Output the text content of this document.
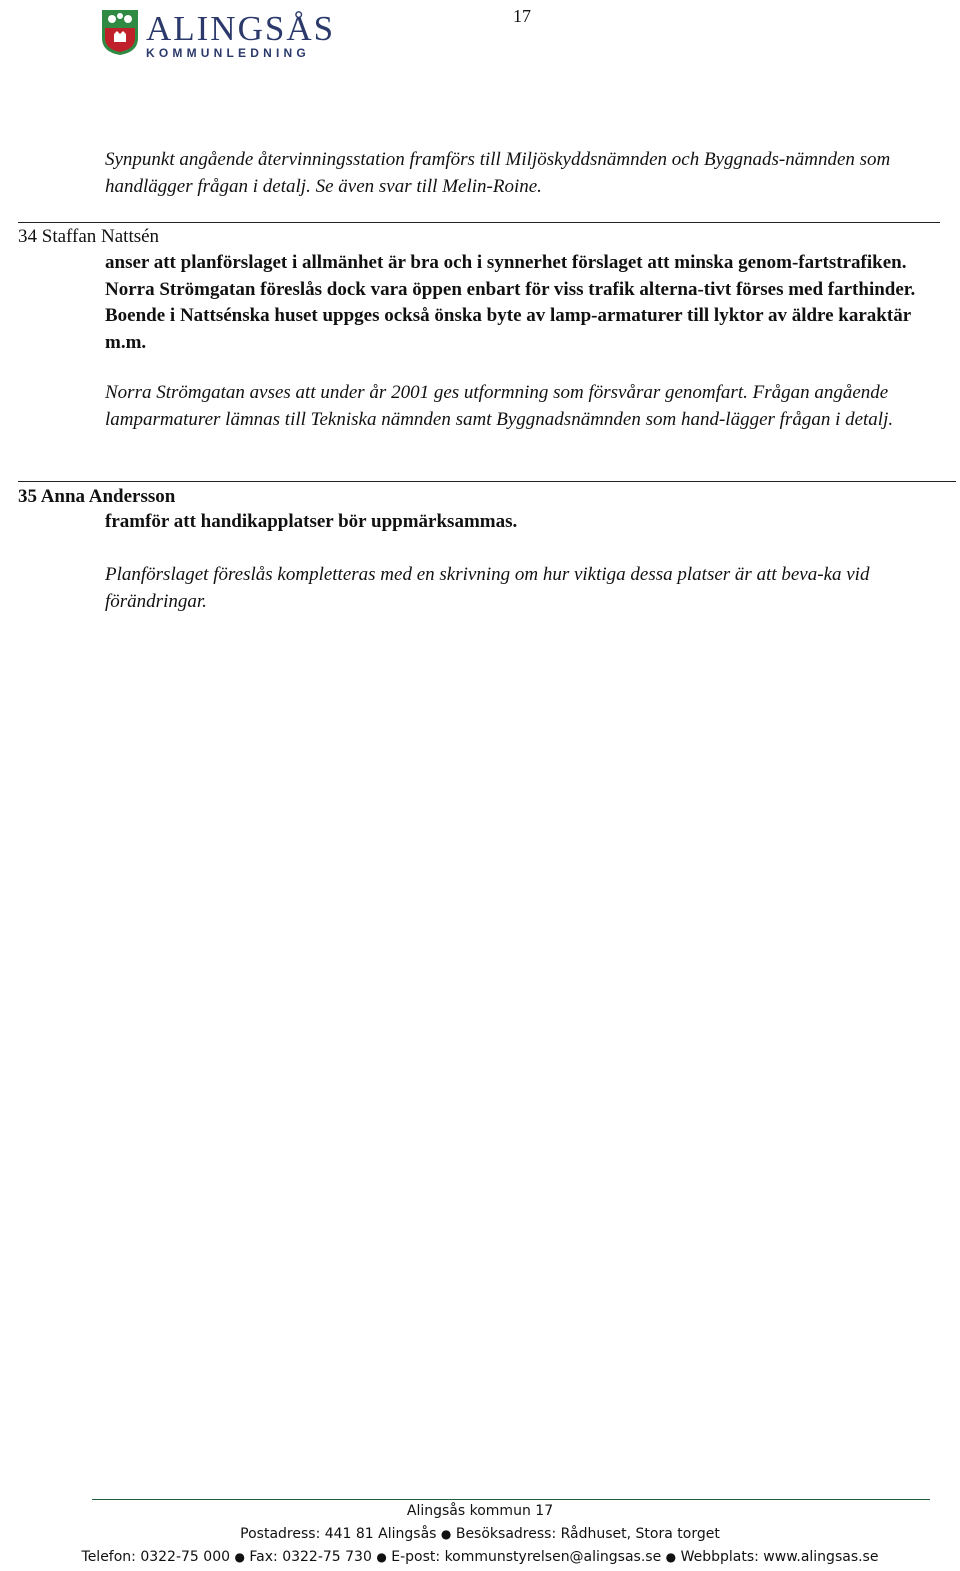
ALINGSÅS
KOMMUNLEDNING
17
Synpunkt angående återvinningsstation framförs till Miljöskyddsnämnden och Byggnads-nämnden som handlägger frågan i detalj. Se även svar till Melin-Roine.
34 Staffan Nattsén
anser att planförslaget i allmänhet är bra och i synnerhet förslaget att minska genom-fartstrafiken. Norra Strömgatan föreslås dock vara öppen enbart för viss trafik alterna-tivt förses med farthinder. Boende i Nattsénska huset uppges också önska byte av lamp-armaturer till lyktor av äldre karaktär m.m.
Norra Strömgatan avses att under år 2001 ges utformning som försvårar genomfart. Frågan angående lamparmaturer lämnas till Tekniska nämnden samt Byggnadsnämnden som hand-lägger frågan i detalj.
35 Anna Andersson
framför att handikapplatser bör uppmärksammas.
Planförslaget föreslås kompletteras med en skrivning om hur viktiga dessa platser är att beva-ka vid förändringar.
Alingsås kommun 17
Postadress: 441 81 Alingsås ● Besöksadress: Rådhuset, Stora torget
Telefon: 0322-75 000 ● Fax: 0322-75 730 ● E-post: kommunstyrelsen@alingsas.se ● Webbplats: www.alingsas.se
